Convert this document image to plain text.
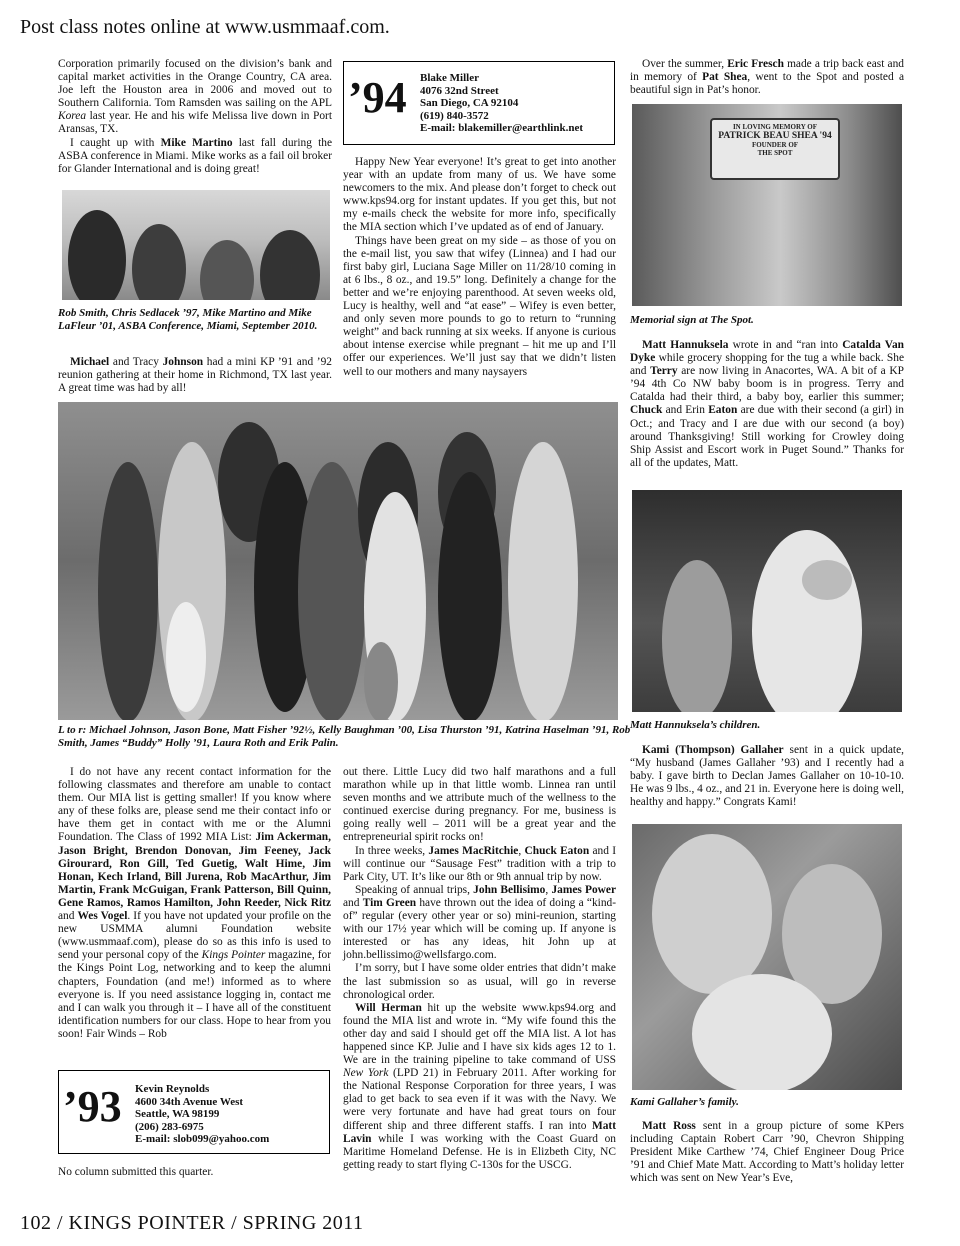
Post class notes online at www.usmmaaf.com.

Corporation primarily focused on the division’s bank and capital market activities in the Orange Country, CA area. Joe left the Houston area in 2006 and moved out to Southern California. Tom Ramsden was sailing on the APL Korea last year. He and his wife Melissa live down in Port Aransas, TX.

I caught up with Mike Martino last fall during the ASBA conference in Miami. Mike works as a fail oil broker for Glander International and is doing great!

Rob Smith, Chris Sedlacek ’97, Mike Martino and Mike LaFleur ’01, ASBA Conference, Miami, September 2010.

Michael and Tracy Johnson had a mini KP ’91 and ’92 reunion gathering at their home in Richmond, TX last year. A great time was had by all!

’94 Blake Miller
4076 32nd Street
San Diego, CA 92104
(619) 840-3572
E-mail: blakemiller@earthlink.net

Happy New Year everyone! It’s great to get into another year with an update from many of us. We have some newcomers to the mix. And please don’t forget to check out www.kps94.org for instant updates. If you get this, but not my e-mails check the website for more info, specifically the MIA section which I’ve updated as of end of January.

Things have been great on my side – as those of you on the e-mail list, you saw that wifey (Linnea) and I had our first baby girl, Luciana Sage Miller on 11/28/10 coming in at 6 lbs., 8 oz., and 19.5” long. Definitely a change for the better and we’re enjoying parenthood. At seven weeks old, Lucy is healthy, well and “at ease” – Wifey is even better, and only seven more pounds to go to return to “running weight” and back running at six weeks. If anyone is curious about intense exercise while pregnant – hit me up and I’ll offer our experiences. We’ll just say that we didn’t listen well to our mothers and many naysayers

L to r: Michael Johnson, Jason Bone, Matt Fisher ’92½, Kelly Baughman ’00, Lisa Thurston ’91, Katrina Haselman ’91, Rob Smith, James “Buddy” Holly ’91, Laura Roth and Erik Palin.

I do not have any recent contact information for the following classmates and therefore am unable to contact them. Our MIA list is getting smaller! If you know where any of these folks are, please send me their contact info or have them get in contact with me or the Alumni Foundation. The Class of 1992 MIA List: Jim Ackerman, Jason Bright, Brendon Donovan, Jim Feeney, Jack Girourard, Ron Gill, Ted Guetig, Walt Hime, Jim Honan, Kech Irland, Bill Jurena, Rob MacArthur, Jim Martin, Frank McGuigan, Frank Patterson, Bill Quinn, Gene Ramos, Ramos Hamilton, John Reeder, Nick Ritz and Wes Vogel. If you have not updated your profile on the new USMMA alumni Foundation website (www.usmmaaf.com), please do so as this info is used to send your personal copy of the Kings Pointer magazine, for the Kings Point Log, networking and to keep the alumni chapters, Foundation (and me!) informed as to where everyone is. If you need assistance logging in, contact me and I can walk you through it – I have all of the constituent identification numbers for our class. Hope to hear from you soon! Fair Winds – Rob

’93 Kevin Reynolds
4600 34th Avenue West
Seattle, WA 98199
(206) 283-6975
E-mail: slob099@yahoo.com
No column submitted this quarter.

out there. Little Lucy did two half marathons and a full marathon while up in that little womb. Linnea ran until seven months and we attribute much of the wellness to the continued exercise during pregnancy. For me, business is going really well – 2011 will be a great year and the entrepreneurial spirit rocks on!

In three weeks, James MacRitchie, Chuck Eaton and I will continue our “Sausage Fest” tradition with a trip to Park City, UT. It’s like our 8th or 9th annual trip by now.

Speaking of annual trips, John Bellisimo, James Power and Tim Green have thrown out the idea of doing a “kind-of” regular (every other year or so) mini-reunion, starting with our 17½ year which will be coming up. If anyone is interested or has any ideas, hit John up at john.bellissimo@wellsfargo.com.

I’m sorry, but I have some older entries that didn’t make the last submission so as usual, will go in reverse chronological order.

Will Herman hit up the website www.kps94.org and found the MIA list and wrote in. “My wife found this the other day and said I should get off the MIA list. A lot has happened since KP. Julie and I have six kids ages 12 to 1. We are in the training pipeline to take command of USS New York (LPD 21) in February 2011. After working for the National Response Corporation for three years, I was glad to get back to sea even if it was with the Navy. We were very fortunate and have had great tours on four different ship and three different staffs. I ran into Matt Lavin while I was working with the Coast Guard on Maritime Homeland Defense. He is in Elizbeth City, NC getting ready to start flying C-130s for the USCG.

Over the summer, Eric Fresch made a trip back east and in memory of Pat Shea, went to the Spot and posted a beautiful sign in Pat’s honor.

IN LOVING MEMORY OF
PATRICK BEAU SHEA '94
FOUNDER OF
THE SPOT
Memorial sign at The Spot.

Matt Hannuksela wrote in and “ran into Catalda Van Dyke while grocery shopping for the tug a while back. She and Terry are now living in Anacortes, WA. A bit of a KP ’94 4th Co NW baby boom is in progress. Terry and Catalda had their third, a baby boy, earlier this summer; Chuck and Erin Eaton are due with their second (a girl) in Oct.; and Tracy and I are due with our second (a boy) around Thanksgiving! Still working for Crowley doing Ship Assist and Escort work in Puget Sound.” Thanks for all of the updates, Matt.

Matt Hannuksela’s children.

Kami (Thompson) Gallaher sent in a quick update, “My husband (James Gallaher ’93) and I recently had a baby. I gave birth to Declan James Gallaher on 10-10-10. He was 9 lbs., 4 oz., and 21 in. Everyone here is doing well, healthy and happy.” Congrats Kami!

Kami Gallaher’s family.

Matt Ross sent in a group picture of some KPers including Captain Robert Carr ’90, Chevron Shipping President Mike Carthew ’74, Chief Engineer Doug Price ’91 and Chief Mate Matt. According to Matt’s holiday letter which was sent on New Year’s Eve,

102 / KINGS POINTER / SPRING 2011
